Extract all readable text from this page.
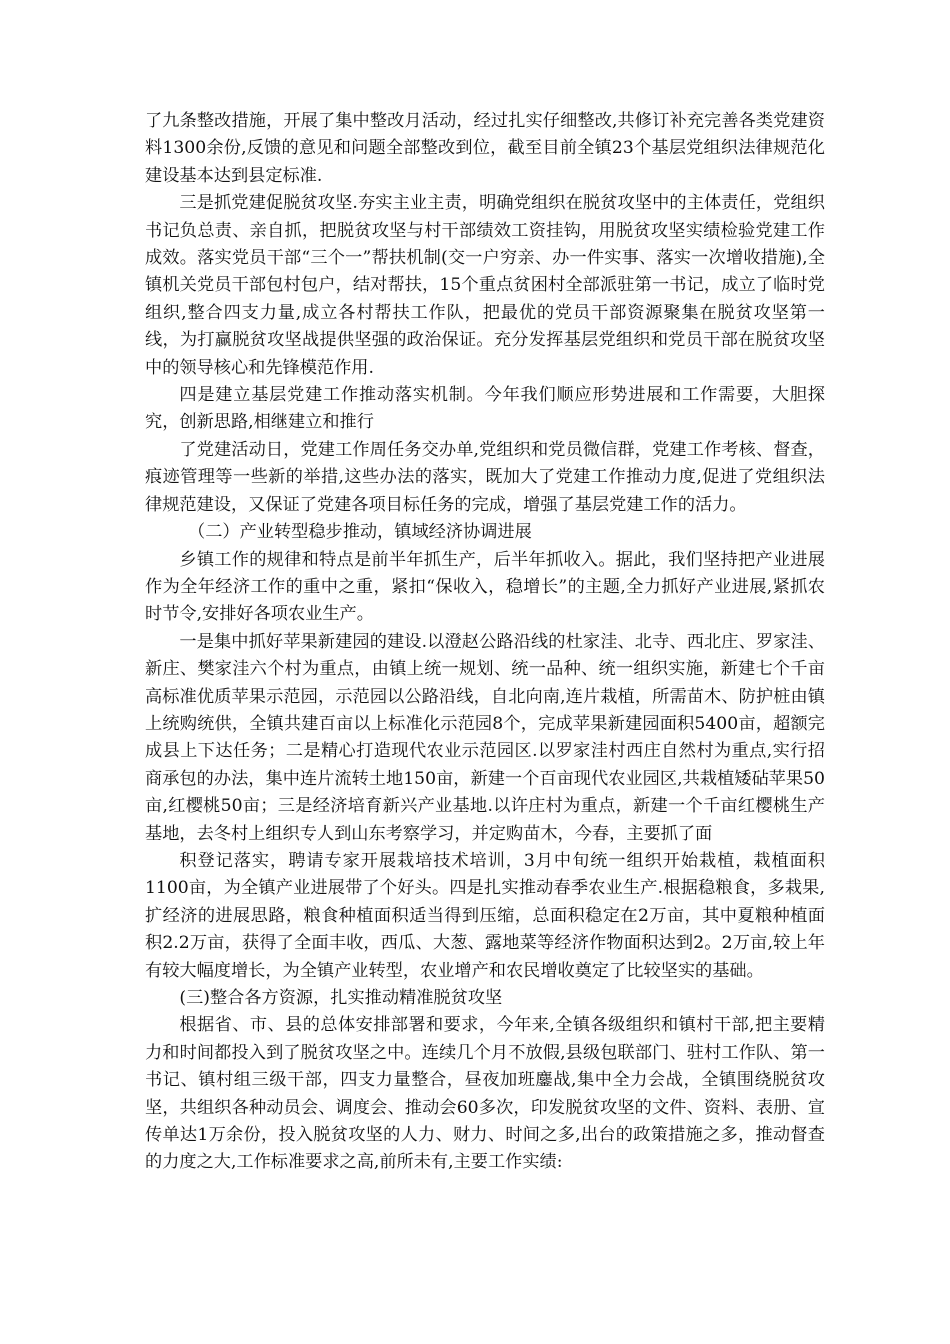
了九条整改措施，开展了集中整改月活动，经过扎实仔细整改,共修订补充完善各类党建资料1300余份,反馈的意见和问题全部整改到位，截至目前全镇23个基层党组织法律规范化建设基本达到县定标准.

三是抓党建促脱贫攻坚.夯实主业主责，明确党组织在脱贫攻坚中的主体责任，党组织书记负总责、亲自抓，把脱贫攻坚与村干部绩效工资挂钩，用脱贫攻坚实绩检验党建工作成效。落实党员干部“三个一”帮扶机制(交一户穷亲、办一件实事、落实一次增收措施),全镇机关党员干部包村包户，结对帮扶，15个重点贫困村全部派驻第一书记，成立了临时党组织,整合四支力量,成立各村帮扶工作队，把最优的党员干部资源聚集在脱贫攻坚第一线，为打赢脱贫攻坚战提供坚强的政治保证。充分发挥基层党组织和党员干部在脱贫攻坚中的领导核心和先锋模范作用.

四是建立基层党建工作推动落实机制。今年我们顺应形势进展和工作需要，大胆探究，创新思路,相继建立和推行

了党建活动日，党建工作周任务交办单,党组织和党员微信群，党建工作考核、督查，痕迹管理等一些新的举措,这些办法的落实，既加大了党建工作推动力度,促进了党组织法律规范建设，又保证了党建各项目标任务的完成，增强了基层党建工作的活力。

（二）产业转型稳步推动，镇域经济协调进展

乡镇工作的规律和特点是前半年抓生产，后半年抓收入。据此，我们坚持把产业进展作为全年经济工作的重中之重，紧扣“保收入，稳增长”的主题,全力抓好产业进展,紧抓农时节令,安排好各项农业生产。

一是集中抓好苹果新建园的建设.以澄赵公路沿线的杜家洼、北寺、西北庄、罗家洼、新庄、樊家洼六个村为重点，由镇上统一规划、统一品种、统一组织实施，新建七个千亩高标准优质苹果示范园，示范园以公路沿线，自北向南,连片栽植，所需苗木、防护桩由镇上统购统供，全镇共建百亩以上标准化示范园8个，完成苹果新建园面积5400亩，超额完成县上下达任务；二是精心打造现代农业示范园区.以罗家洼村西庄自然村为重点,实行招商承包的办法，集中连片流转土地150亩，新建一个百亩现代农业园区,共栽植矮砧苹果50亩,红樱桃50亩；三是经济培育新兴产业基地.以许庄村为重点，新建一个千亩红樱桃生产基地，去冬村上组织专人到山东考察学习，并定购苗木，今春，主要抓了面

积登记落实，聘请专家开展栽培技术培训，3月中旬统一组织开始栽植，栽植面积1100亩，为全镇产业进展带了个好头。四是扎实推动春季农业生产.根据稳粮食，多栽果,扩经济的进展思路，粮食种植面积适当得到压缩，总面积稳定在2万亩，其中夏粮种植面积2.2万亩，获得了全面丰收，西瓜、大葱、露地菜等经济作物面积达到2。2万亩,较上年有较大幅度增长，为全镇产业转型，农业增产和农民增收奠定了比较坚实的基础。

(三)整合各方资源，扎实推动精准脱贫攻坚

根据省、市、县的总体安排部署和要求，今年来,全镇各级组织和镇村干部,把主要精力和时间都投入到了脱贫攻坚之中。连续几个月不放假,县级包联部门、驻村工作队、第一书记、镇村组三级干部，四支力量整合，昼夜加班鏖战,集中全力会战，全镇围绕脱贫攻坚，共组织各种动员会、调度会、推动会60多次，印发脱贫攻坚的文件、资料、表册、宣传单达1万余份，投入脱贫攻坚的人力、财力、时间之多,出台的政策措施之多，推动督查的力度之大,工作标准要求之高,前所未有,主要工作实绩:
